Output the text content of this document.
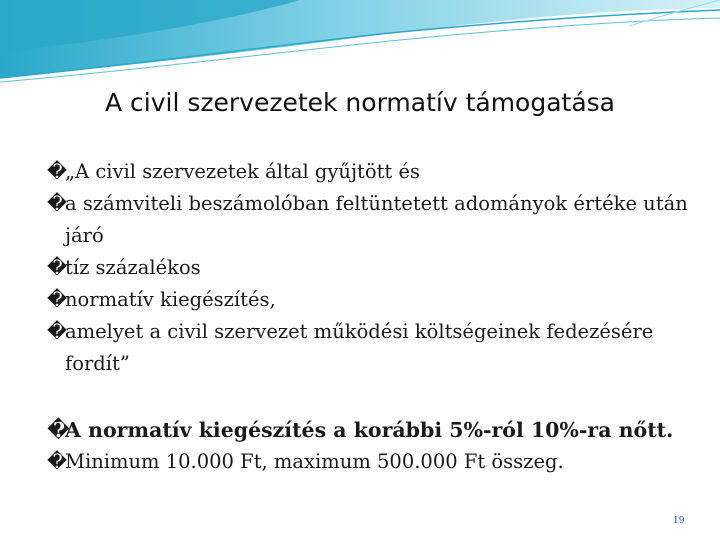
A civil szervezetek normatív támogatása
�
„A civil szervezetek által gyűjtött és
�
a számviteli beszámolóban feltüntetett adományok értéke után járó
�
tíz százalékos
�
normatív kiegészítés,
�
amelyet a civil szervezet működési költségeinek fedezésére fordít”
�
A normatív kiegészítés a korábbi 5%-ról 10%-ra nőtt.
�
Minimum 10.000 Ft, maximum 500.000 Ft összeg.
19
